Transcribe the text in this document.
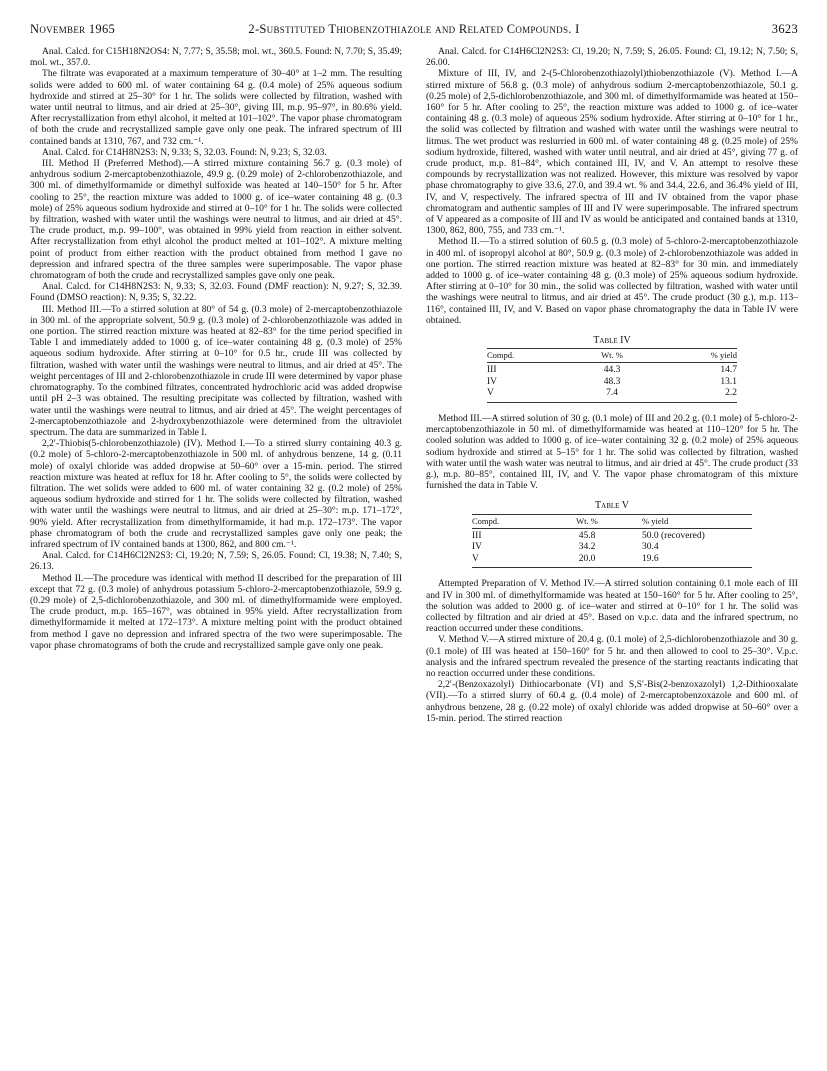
November 1965	2-Substituted Thiobenzothiazole and Related Compounds. I	3623

Anal. Calcd. for C15H18N2OS4: N, 7.77; S, 35.58; mol. wt., 360.5. Found: N, 7.70; S, 35.49; mol. wt., 357.0.

The filtrate was evaporated at a maximum temperature of 30–40° at 1–2 mm. The resulting solids were added to 600 ml. of water containing 64 g. (0.4 mole) of 25% aqueous sodium hydroxide and stirred at 25–30° for 1 hr. The solids were collected by filtration, washed with water until neutral to litmus, and air dried at 25–30°, giving III, m.p. 95–97°, in 80.6% yield. After recrystallization from ethyl alcohol, it melted at 101–102°. The vapor phase chromatogram of both the crude and recrystallized sample gave only one peak. The infrared spectrum of III contained bands at 1310, 767, and 732 cm.⁻¹.

Anal. Calcd. for C14H8N2S3: N, 9.33; S, 32.03. Found: N, 9.23; S, 32.03.

III. Method II (Preferred Method).—A stirred mixture containing 56.7 g. (0.3 mole) of anhydrous sodium 2-mercaptobenzothiazole, 49.9 g. (0.29 mole) of 2-chlorobenzothiazole, and 300 ml. of dimethylformamide or dimethyl sulfoxide was heated at 140–150° for 5 hr. After cooling to 25°, the reaction mixture was added to 1000 g. of ice–water containing 48 g. (0.3 mole) of 25% aqueous sodium hydroxide and stirred at 0–10° for 1 hr. The solids were collected by filtration, washed with water until the washings were neutral to litmus, and air dried at 45°. The crude product, m.p. 99–100°, was obtained in 99% yield from reaction in either solvent. After recrystallization from ethyl alcohol the product melted at 101–102°. A mixture melting point of product from either reaction with the product obtained from method I gave no depression and infrared spectra of the three samples were superimposable. The vapor phase chromatogram of both the crude and recrystallized samples gave only one peak.

Anal. Calcd. for C14H8N2S3: N, 9.33; S, 32.03. Found (DMF reaction): N, 9.27; S, 32.39. Found (DMSO reaction): N, 9.35; S, 32.22.

III. Method III.—To a stirred solution at 80° of 54 g. (0.3 mole) of 2-mercaptobenzothiazole in 300 ml. of the appropriate solvent, 50.9 g. (0.3 mole) of 2-chlorobenzothiazole was added in one portion. The stirred reaction mixture was heated at 82–83° for the time period specified in Table I and immediately added to 1000 g. of ice–water containing 48 g. (0.3 mole) of 25% aqueous sodium hydroxide. After stirring at 0–10° for 0.5 hr., crude III was collected by filtration, washed with water until the washings were neutral to litmus, and air dried at 45°. The weight percentages of III and 2-chlorobenzothiazole in crude III were determined by vapor phase chromatography. To the combined filtrates, concentrated hydrochloric acid was added dropwise until pH 2–3 was obtained. The resulting precipitate was collected by filtration, washed with water until the washings were neutral to litmus, and air dried at 45°. The weight percentages of 2-mercaptobenzothiazole and 2-hydroxybenzothiazole were determined from the ultraviolet spectrum. The data are summarized in Table I.

2,2′-Thiobis(5-chlorobenzothiazole) (IV). Method I.—To a stirred slurry containing 40.3 g. (0.2 mole) of 5-chloro-2-mercaptobenzothiazole in 500 ml. of anhydrous benzene, 14 g. (0.11 mole) of oxalyl chloride was added dropwise at 50–60° over a 15-min. period. The stirred reaction mixture was heated at reflux for 18 hr. After cooling to 5°, the solids were collected by filtration. The wet solids were added to 600 ml. of water containing 32 g. (0.2 mole) of 25% aqueous sodium hydroxide and stirred for 1 hr. The solids were collected by filtration, washed with water until the washings were neutral to litmus, and air dried at 25–30°: m.p. 171–172°, 90% yield. After recrystallization from dimethylformamide, it had m.p. 172–173°. The vapor phase chromatogram of both the crude and recrystallized samples gave only one peak; the infrared spectrum of IV contained bands at 1300, 862, and 800 cm.⁻¹.

Anal. Calcd. for C14H6Cl2N2S3: Cl, 19.20; N, 7.59; S, 26.05. Found: Cl, 19.38; N, 7.40; S, 26.13.

Method II.—The procedure was identical with method II described for the preparation of III except that 72 g. (0.3 mole) of anhydrous potassium 5-chloro-2-mercaptobenzothiazole, 59.9 g. (0.29 mole) of 2,5-dichlorobenzothiazole, and 300 ml. of dimethylformamide were employed. The crude product, m.p. 165–167°, was obtained in 95% yield. After recrystallization from dimethylformamide it melted at 172–173°. A mixture melting point with the product obtained from method I gave no depression and infrared spectra of the two were superimposable. The vapor phase chromatograms of both the crude and recrystallized sample gave only one peak.

Anal. Calcd. for C14H6Cl2N2S3: Cl, 19.20; N, 7.59; S, 26.05. Found: Cl, 19.12; N, 7.50; S, 26.00.

Mixture of III, IV, and 2-(5-Chlorobenzothiazolyl)thiobenzothiazole (V). Method I.—A stirred mixture of 56.8 g. (0.3 mole) of anhydrous sodium 2-mercaptobenzothiazole, 50.1 g. (0.25 mole) of 2,5-dichlorobenzothiazole, and 300 ml. of dimethylformamide was heated at 150–160° for 5 hr. After cooling to 25°, the reaction mixture was added to 1000 g. of ice–water containing 48 g. (0.3 mole) of aqueous 25% sodium hydroxide. After stirring at 0–10° for 1 hr., the solid was collected by filtration and washed with water until the washings were neutral to litmus. The wet product was reslurried in 600 ml. of water containing 48 g. (0.25 mole) of 25% sodium hydroxide, filtered, washed with water until neutral, and air dried at 45°, giving 77 g. of crude product, m.p. 81–84°, which contained III, IV, and V. An attempt to resolve these compounds by recrystallization was not realized. However, this mixture was resolved by vapor phase chromatography to give 33.6, 27.0, and 39.4 wt. % and 34.4, 22.6, and 36.4% yield of III, IV, and V, respectively. The infrared spectra of III and IV obtained from the vapor phase chromatogram and authentic samples of III and IV were superimposable. The infrared spectrum of V appeared as a composite of III and IV as would be anticipated and contained bands at 1310, 1300, 862, 800, 755, and 733 cm.⁻¹.

Method II.—To a stirred solution of 60.5 g. (0.3 mole) of 5-chloro-2-mercaptobenzothiazole in 400 ml. of isopropyl alcohol at 80°, 50.9 g. (0.3 mole) of 2-chlorobenzothiazole was added in one portion. The stirred reaction mixture was heated at 82–83° for 30 min. and immediately added to 1000 g. of ice–water containing 48 g. (0.3 mole) of 25% aqueous sodium hydroxide. After stirring at 0–10° for 30 min., the solid was collected by filtration, washed with water until the washings were neutral to litmus, and air dried at 45°. The crude product (30 g.), m.p. 113–116°, contained III, IV, and V. Based on vapor phase chromatography the data in Table IV were obtained.

Table IV
Compd.	Wt. %	% yield
III	44.3	14.7
IV	48.3	13.1
V	7.4	2.2

Method III.—A stirred solution of 30 g. (0.1 mole) of III and 20.2 g. (0.1 mole) of 5-chloro-2-mercaptobenzothiazole in 50 ml. of dimethylformamide was heated at 110–120° for 5 hr. The cooled solution was added to 1000 g. of ice–water containing 32 g. (0.2 mole) of 25% aqueous sodium hydroxide and stirred at 5–15° for 1 hr. The solid was collected by filtration, washed with water until the wash water was neutral to litmus, and air dried at 45°. The crude product (33 g.), m.p. 80–85°, contained III, IV, and V. The vapor phase chromatogram of this mixture furnished the data in Table V.

Table V
Compd.	Wt. %	% yield
III	45.8	50.0 (recovered)
IV	34.2	30.4
V	20.0	19.6

Attempted Preparation of V. Method IV.—A stirred solution containing 0.1 mole each of III and IV in 300 ml. of dimethylformamide was heated at 150–160° for 5 hr. After cooling to 25°, the solution was added to 2000 g. of ice–water and stirred at 0–10° for 1 hr. The solid was collected by filtration and air dried at 45°. Based on v.p.c. data and the infrared spectrum, no reaction occurred under these conditions.

V. Method V.—A stirred mixture of 20.4 g. (0.1 mole) of 2,5-dichlorobenzothiazole and 30 g. (0.1 mole) of III was heated at 150–160° for 5 hr. and then allowed to cool to 25–30°. V.p.c. analysis and the infrared spectrum revealed the presence of the starting reactants indicating that no reaction occurred under these conditions.

2,2′-(Benzoxazolyl) Dithiocarbonate (VI) and S,S′-Bis(2-benzoxazolyl) 1,2-Dithiooxalate (VII).—To a stirred slurry of 60.4 g. (0.4 mole) of 2-mercaptobenzoxazole and 600 ml. of anhydrous benzene, 28 g. (0.22 mole) of oxalyl chloride was added dropwise at 50–60° over a 15-min. period. The stirred reaction
